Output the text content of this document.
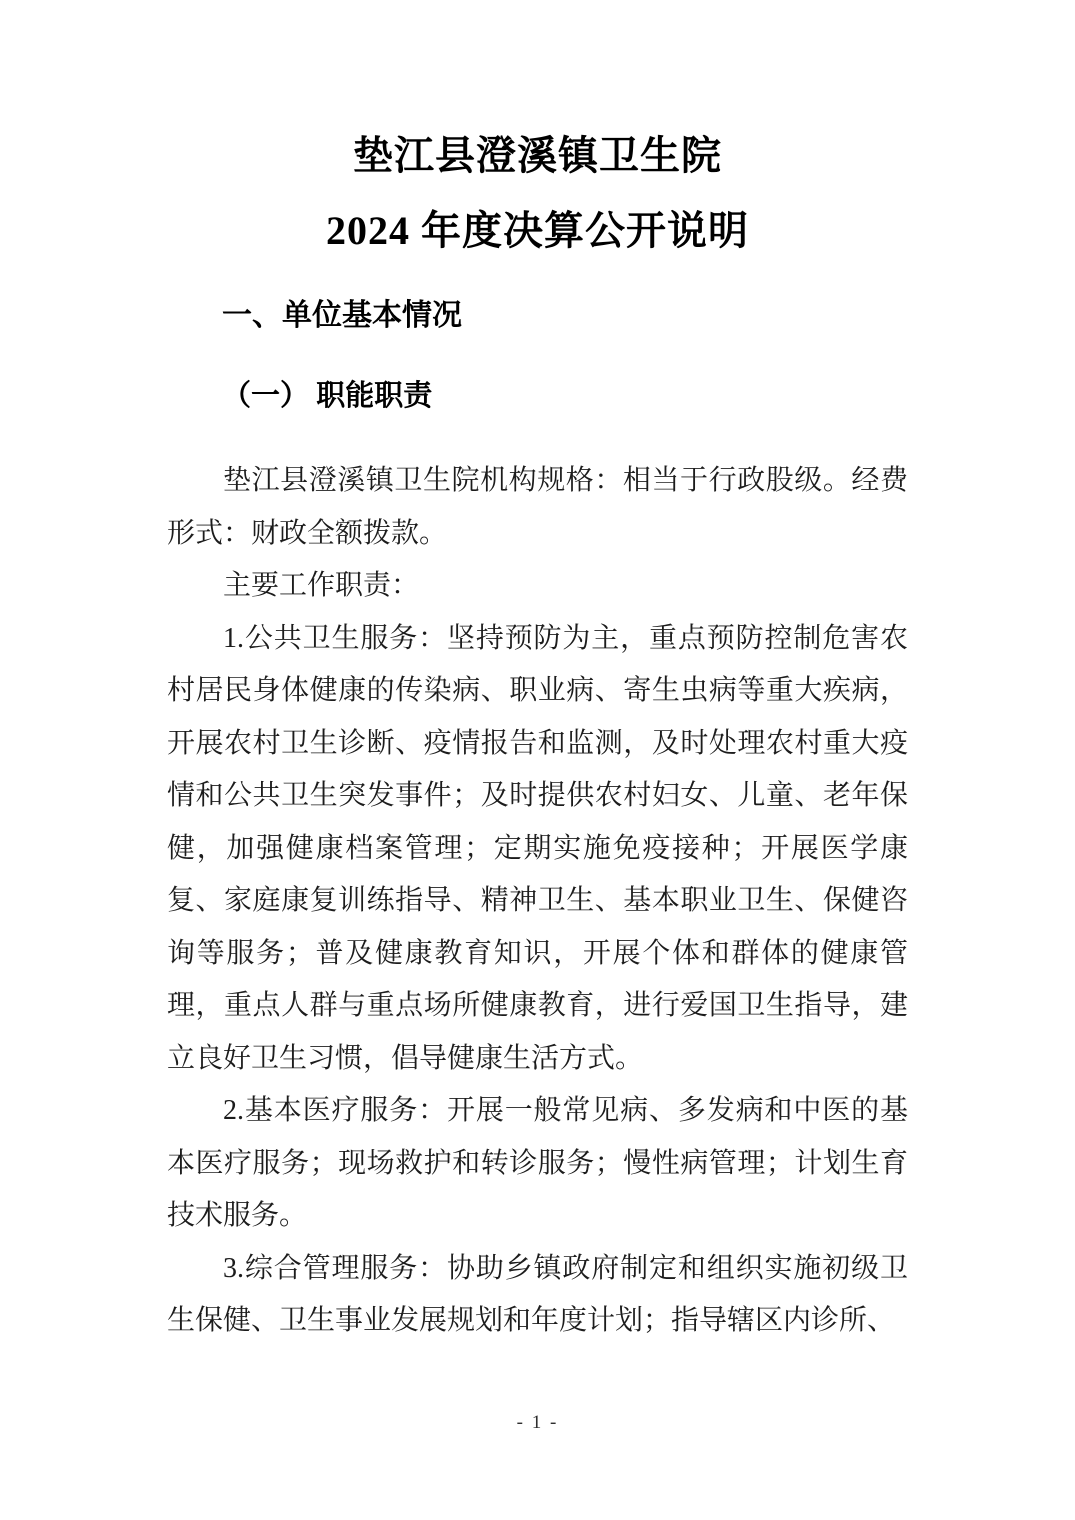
垫江县澄溪镇卫生院
2024 年度决算公开说明
一、单位基本情况
（一） 职能职责

垫江县澄溪镇卫生院机构规格：相当于行政股级。经费形式：财政全额拨款。

主要工作职责：

1.公共卫生服务：坚持预防为主，重点预防控制危害农村居民身体健康的传染病、职业病、寄生虫病等重大疾病，开展农村卫生诊断、疫情报告和监测，及时处理农村重大疫情和公共卫生突发事件；及时提供农村妇女、儿童、老年保健，加强健康档案管理；定期实施免疫接种；开展医学康复、家庭康复训练指导、精神卫生、基本职业卫生、保健咨询等服务；普及健康教育知识，开展个体和群体的健康管理，重点人群与重点场所健康教育，进行爱国卫生指导，建立良好卫生习惯，倡导健康生活方式。

2.基本医疗服务：开展一般常见病、多发病和中医的基本医疗服务；现场救护和转诊服务；慢性病管理；计划生育技术服务。

3.综合管理服务：协助乡镇政府制定和组织实施初级卫生保健、卫生事业发展规划和年度计划；指导辖区内诊所、

- 1 -
